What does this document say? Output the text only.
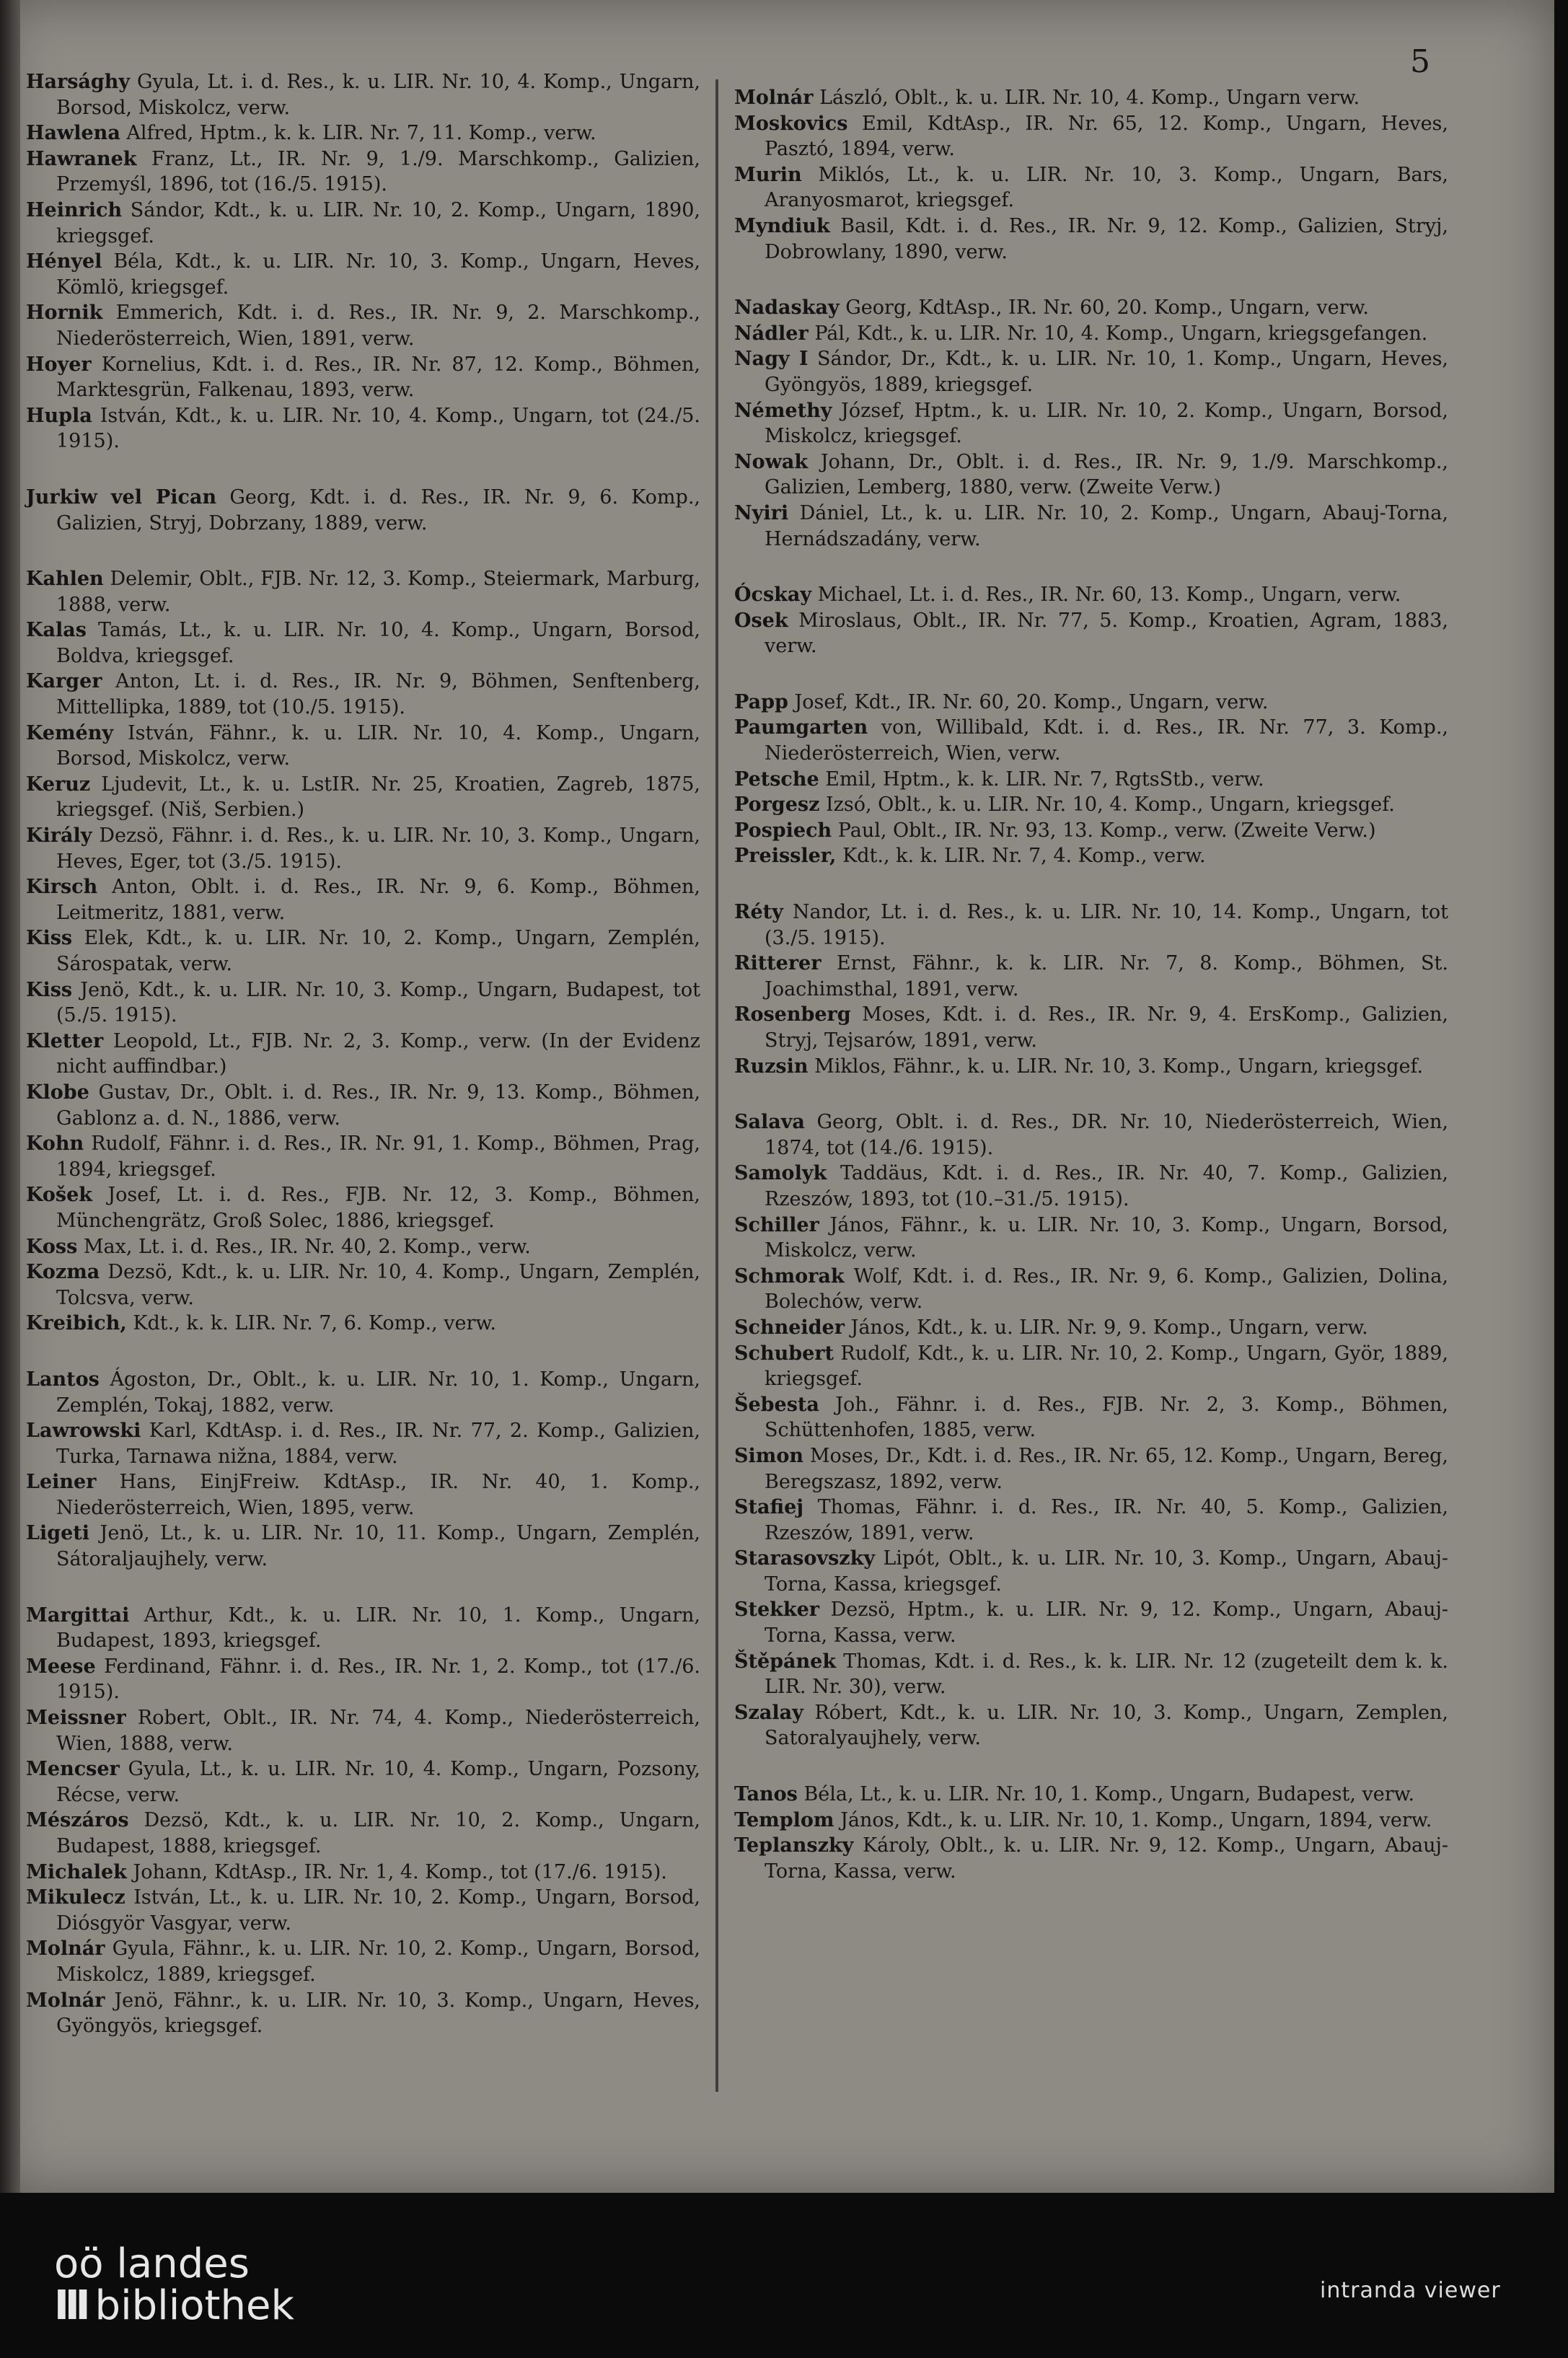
5
Harsághy Gyula, Lt. i. d. Res., k. u. LIR. Nr. 10, 4. Komp., Ungarn, Borsod, Miskolcz, verw.
Hawlena Alfred, Hptm., k. k. LIR. Nr. 7, 11. Komp., verw.
Hawranek Franz, Lt., IR. Nr. 9, 1./9. Marschkomp., Galizien, Przemyśl, 1896, tot (16./5. 1915).
Heinrich Sándor, Kdt., k. u. LIR. Nr. 10, 2. Komp., Ungarn, 1890, kriegsgef.
Hényel Béla, Kdt., k. u. LIR. Nr. 10, 3. Komp., Ungarn, Heves, Kömlö, kriegsgef.
Hornik Emmerich, Kdt. i. d. Res., IR. Nr. 9, 2. Marschkomp., Niederösterreich, Wien, 1891, verw.
Hoyer Kornelius, Kdt. i. d. Res., IR. Nr. 87, 12. Komp., Böhmen, Marktesgrün, Falkenau, 1893, verw.
Hupla István, Kdt., k. u. LIR. Nr. 10, 4. Komp., Ungarn, tot (24./5. 1915).
Jurkiw vel Pican Georg, Kdt. i. d. Res., IR. Nr. 9, 6. Komp., Galizien, Stryj, Dobrzany, 1889, verw.
Kahlen Delemir, Oblt., FJB. Nr. 12, 3. Komp., Steiermark, Marburg, 1888, verw.
Kalas Tamás, Lt., k. u. LIR. Nr. 10, 4. Komp., Ungarn, Borsod, Boldva, kriegsgef.
Karger Anton, Lt. i. d. Res., IR. Nr. 9, Böhmen, Senftenberg, Mittellipka, 1889, tot (10./5. 1915).
Kemény István, Fähnr., k. u. LIR. Nr. 10, 4. Komp., Ungarn, Borsod, Miskolcz, verw.
Keruz Ljudevit, Lt., k. u. LstIR. Nr. 25, Kroatien, Zagreb, 1875, kriegsgef. (Niš, Serbien.)
Király Dezsö, Fähnr. i. d. Res., k. u. LIR. Nr. 10, 3. Komp., Ungarn, Heves, Eger, tot (3./5. 1915).
Kirsch Anton, Oblt. i. d. Res., IR. Nr. 9, 6. Komp., Böhmen, Leitmeritz, 1881, verw.
Kiss Elek, Kdt., k. u. LIR. Nr. 10, 2. Komp., Ungarn, Zemplén, Sárospatak, verw.
Kiss Jenö, Kdt., k. u. LIR. Nr. 10, 3. Komp., Ungarn, Budapest, tot (5./5. 1915).
Kletter Leopold, Lt., FJB. Nr. 2, 3. Komp., verw. (In der Evidenz nicht auffindbar.)
Klobe Gustav, Dr., Oblt. i. d. Res., IR. Nr. 9, 13. Komp., Böhmen, Gablonz a. d. N., 1886, verw.
Kohn Rudolf, Fähnr. i. d. Res., IR. Nr. 91, 1. Komp., Böhmen, Prag, 1894, kriegsgef.
Košek Josef, Lt. i. d. Res., FJB. Nr. 12, 3. Komp., Böhmen, Münchengrätz, Groß Solec, 1886, kriegsgef.
Koss Max, Lt. i. d. Res., IR. Nr. 40, 2. Komp., verw.
Kozma Dezsö, Kdt., k. u. LIR. Nr. 10, 4. Komp., Ungarn, Zemplén, Tolcsva, verw.
Kreibich, Kdt., k. k. LIR. Nr. 7, 6. Komp., verw.
Lantos Ágoston, Dr., Oblt., k. u. LIR. Nr. 10, 1. Komp., Ungarn, Zemplén, Tokaj, 1882, verw.
Lawrowski Karl, KdtAsp. i. d. Res., IR. Nr. 77, 2. Komp., Galizien, Turka, Tarnawa nižna, 1884, verw.
Leiner Hans, EinjFreiw. KdtAsp., IR. Nr. 40, 1. Komp., Niederösterreich, Wien, 1895, verw.
Ligeti Jenö, Lt., k. u. LIR. Nr. 10, 11. Komp., Ungarn, Zemplén, Sátoraljaujhely, verw.
Margittai Arthur, Kdt., k. u. LIR. Nr. 10, 1. Komp., Ungarn, Budapest, 1893, kriegsgef.
Meese Ferdinand, Fähnr. i. d. Res., IR. Nr. 1, 2. Komp., tot (17./6. 1915).
Meissner Robert, Oblt., IR. Nr. 74, 4. Komp., Niederösterreich, Wien, 1888, verw.
Mencser Gyula, Lt., k. u. LIR. Nr. 10, 4. Komp., Ungarn, Pozsony, Récse, verw.
Mészáros Dezsö, Kdt., k. u. LIR. Nr. 10, 2. Komp., Ungarn, Budapest, 1888, kriegsgef.
Michalek Johann, KdtAsp., IR. Nr. 1, 4. Komp., tot (17./6. 1915).
Mikulecz István, Lt., k. u. LIR. Nr. 10, 2. Komp., Ungarn, Borsod, Diósgyör Vasgyar, verw.
Molnár Gyula, Fähnr., k. u. LIR. Nr. 10, 2. Komp., Ungarn, Borsod, Miskolcz, 1889, kriegsgef.
Molnár Jenö, Fähnr., k. u. LIR. Nr. 10, 3. Komp., Ungarn, Heves, Gyöngyös, kriegsgef.
Molnár László, Oblt., k. u. LIR. Nr. 10, 4. Komp., Ungarn verw.
Moskovics Emil, KdtAsp., IR. Nr. 65, 12. Komp., Ungarn, Heves, Pasztó, 1894, verw.
Murin Miklós, Lt., k. u. LIR. Nr. 10, 3. Komp., Ungarn, Bars, Aranyosmarot, kriegsgef.
Myndiuk Basil, Kdt. i. d. Res., IR. Nr. 9, 12. Komp., Galizien, Stryj, Dobrowlany, 1890, verw.
Nadaskay Georg, KdtAsp., IR. Nr. 60, 20. Komp., Ungarn, verw.
Nádler Pál, Kdt., k. u. LIR. Nr. 10, 4. Komp., Ungarn, kriegsgefangen.
Nagy I Sándor, Dr., Kdt., k. u. LIR. Nr. 10, 1. Komp., Ungarn, Heves, Gyöngyös, 1889, kriegsgef.
Némethy József, Hptm., k. u. LIR. Nr. 10, 2. Komp., Ungarn, Borsod, Miskolcz, kriegsgef.
Nowak Johann, Dr., Oblt. i. d. Res., IR. Nr. 9, 1./9. Marschkomp., Galizien, Lemberg, 1880, verw. (Zweite Verw.)
Nyiri Dániel, Lt., k. u. LIR. Nr. 10, 2. Komp., Ungarn, Abauj-Torna, Hernádszadány, verw.
Ócskay Michael, Lt. i. d. Res., IR. Nr. 60, 13. Komp., Ungarn, verw.
Osek Miroslaus, Oblt., IR. Nr. 77, 5. Komp., Kroatien, Agram, 1883, verw.
Papp Josef, Kdt., IR. Nr. 60, 20. Komp., Ungarn, verw.
Paumgarten von, Willibald, Kdt. i. d. Res., IR. Nr. 77, 3. Komp., Niederösterreich, Wien, verw.
Petsche Emil, Hptm., k. k. LIR. Nr. 7, RgtsStb., verw.
Porgesz Izsó, Oblt., k. u. LIR. Nr. 10, 4. Komp., Ungarn, kriegsgef.
Pospiech Paul, Oblt., IR. Nr. 93, 13. Komp., verw. (Zweite Verw.)
Preissler, Kdt., k. k. LIR. Nr. 7, 4. Komp., verw.
Réty Nandor, Lt. i. d. Res., k. u. LIR. Nr. 10, 14. Komp., Ungarn, tot (3./5. 1915).
Ritterer Ernst, Fähnr., k. k. LIR. Nr. 7, 8. Komp., Böhmen, St. Joachimsthal, 1891, verw.
Rosenberg Moses, Kdt. i. d. Res., IR. Nr. 9, 4. ErsKomp., Galizien, Stryj, Tejsarów, 1891, verw.
Ruzsin Miklos, Fähnr., k. u. LIR. Nr. 10, 3. Komp., Ungarn, kriegsgef.
Salava Georg, Oblt. i. d. Res., DR. Nr. 10, Niederösterreich, Wien, 1874, tot (14./6. 1915).
Samolyk Taddäus, Kdt. i. d. Res., IR. Nr. 40, 7. Komp., Galizien, Rzeszów, 1893, tot (10.–31./5. 1915).
Schiller János, Fähnr., k. u. LIR. Nr. 10, 3. Komp., Ungarn, Borsod, Miskolcz, verw.
Schmorak Wolf, Kdt. i. d. Res., IR. Nr. 9, 6. Komp., Galizien, Dolina, Bolechów, verw.
Schneider János, Kdt., k. u. LIR. Nr. 9, 9. Komp., Ungarn, verw.
Schubert Rudolf, Kdt., k. u. LIR. Nr. 10, 2. Komp., Ungarn, Györ, 1889, kriegsgef.
Šebesta Joh., Fähnr. i. d. Res., FJB. Nr. 2, 3. Komp., Böhmen, Schüttenhofen, 1885, verw.
Simon Moses, Dr., Kdt. i. d. Res., IR. Nr. 65, 12. Komp., Ungarn, Bereg, Beregszasz, 1892, verw.
Stafiej Thomas, Fähnr. i. d. Res., IR. Nr. 40, 5. Komp., Galizien, Rzeszów, 1891, verw.
Starasovszky Lipót, Oblt., k. u. LIR. Nr. 10, 3. Komp., Ungarn, Abauj-Torna, Kassa, kriegsgef.
Stekker Dezsö, Hptm., k. u. LIR. Nr. 9, 12. Komp., Ungarn, Abauj-Torna, Kassa, verw.
Štěpánek Thomas, Kdt. i. d. Res., k. k. LIR. Nr. 12 (zugeteilt dem k. k. LIR. Nr. 30), verw.
Szalay Róbert, Kdt., k. u. LIR. Nr. 10, 3. Komp., Ungarn, Zemplen, Satoralyaujhely, verw.
Tanos Béla, Lt., k. u. LIR. Nr. 10, 1. Komp., Ungarn, Budapest, verw.
Templom János, Kdt., k. u. LIR. Nr. 10, 1. Komp., Ungarn, 1894, verw.
Teplanszky Károly, Oblt., k. u. LIR. Nr. 9, 12. Komp., Ungarn, Abauj-Torna, Kassa, verw.
oö landes
III bibliothek	intranda viewer
